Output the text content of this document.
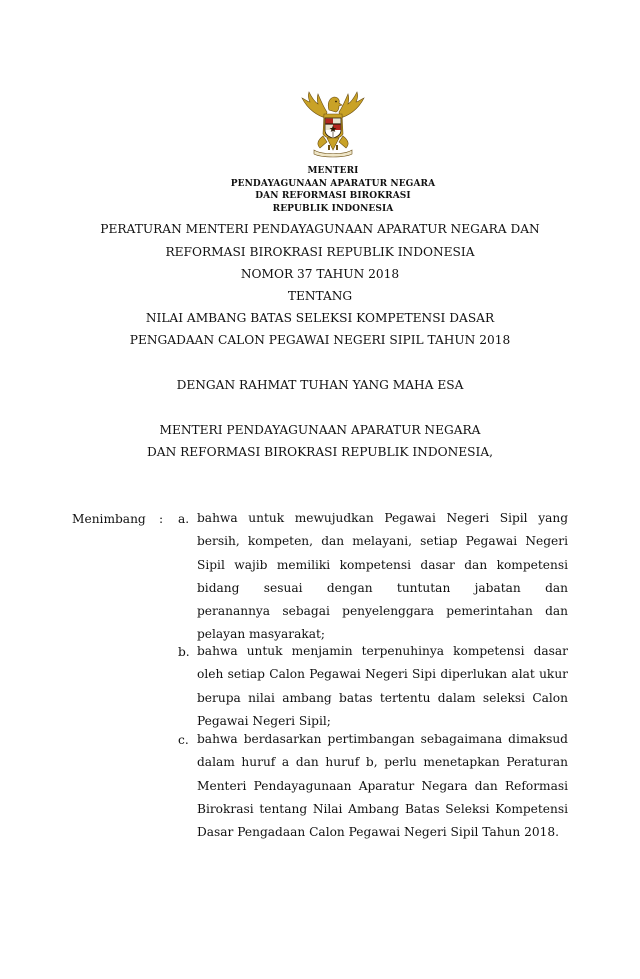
MENTERI
PENDAYAGUNAAN APARATUR NEGARA
DAN REFORMASI BIROKRASI
REPUBLIK INDONESIA
PERATURAN MENTERI PENDAYAGUNAAN APARATUR NEGARA DAN
REFORMASI BIROKRASI REPUBLIK INDONESIA
NOMOR 37 TAHUN 2018
TENTANG
NILAI AMBANG BATAS SELEKSI KOMPETENSI DASAR
PENGADAAN CALON PEGAWAI NEGERI SIPIL TAHUN 2018
DENGAN RAHMAT TUHAN YANG MAHA ESA
MENTERI PENDAYAGUNAAN APARATUR NEGARA
DAN REFORMASI BIROKRASI REPUBLIK INDONESIA,
Menimbang : a. bahwa untuk mewujudkan Pegawai Negeri Sipil yang
bersih, kompeten, dan melayani, setiap Pegawai Negeri
Sipil wajib memiliki kompetensi dasar dan kompetensi
bidang sesuai dengan tuntutan jabatan dan
peranannya sebagai penyelenggara pemerintahan dan
pelayan masyarakat;
b. bahwa untuk menjamin terpenuhinya kompetensi dasar
oleh setiap Calon Pegawai Negeri Sipi diperlukan alat ukur
berupa nilai ambang batas tertentu dalam seleksi Calon
Pegawai Negeri Sipil;
c. bahwa berdasarkan pertimbangan sebagaimana dimaksud
dalam huruf a dan huruf b, perlu menetapkan Peraturan
Menteri Pendayagunaan Aparatur Negara dan Reformasi
Birokrasi tentang Nilai Ambang Batas Seleksi Kompetensi
Dasar Pengadaan Calon Pegawai Negeri Sipil Tahun 2018.
